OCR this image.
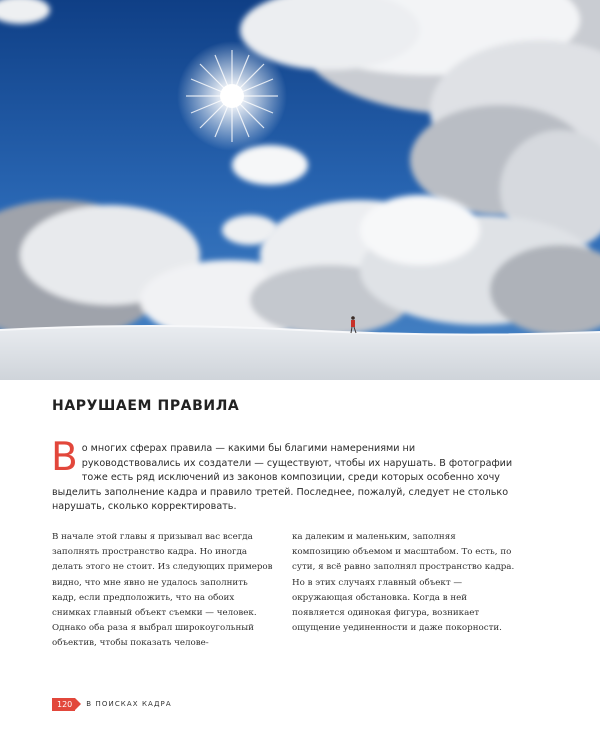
НАРУШАЕМ ПРАВИЛА

Во многих сферах правила — какими бы благими намерениями ни руководствовались их создатели — существуют, чтобы их нарушать. В фотографии тоже есть ряд исключений из законов композиции, среди которых особенно хочу выделить заполнение кадра и правило третей. Последнее, пожалуй, следует не столько нарушать, сколько корректировать.

В начале этой главы я призывал вас всегда заполнять пространство кадра. Но иногда делать этого не стоит. Из следующих примеров видно, что мне явно не удалось заполнить кадр, если предположить, что на обоих снимках главный объект съемки — человек. Однако оба раза я выбрал широкоугольный объектив, чтобы показать челове-

ка далеким и маленьким, заполняя композицию объемом и масштабом. То есть, по сути, я всё равно заполнял пространство кадра. Но в этих случаях главный объект — окружающая обстановка. Когда в ней появляется одинокая фигура, возникает ощущение уединенности и даже покорности.

120	В ПОИСКАХ КАДРА
